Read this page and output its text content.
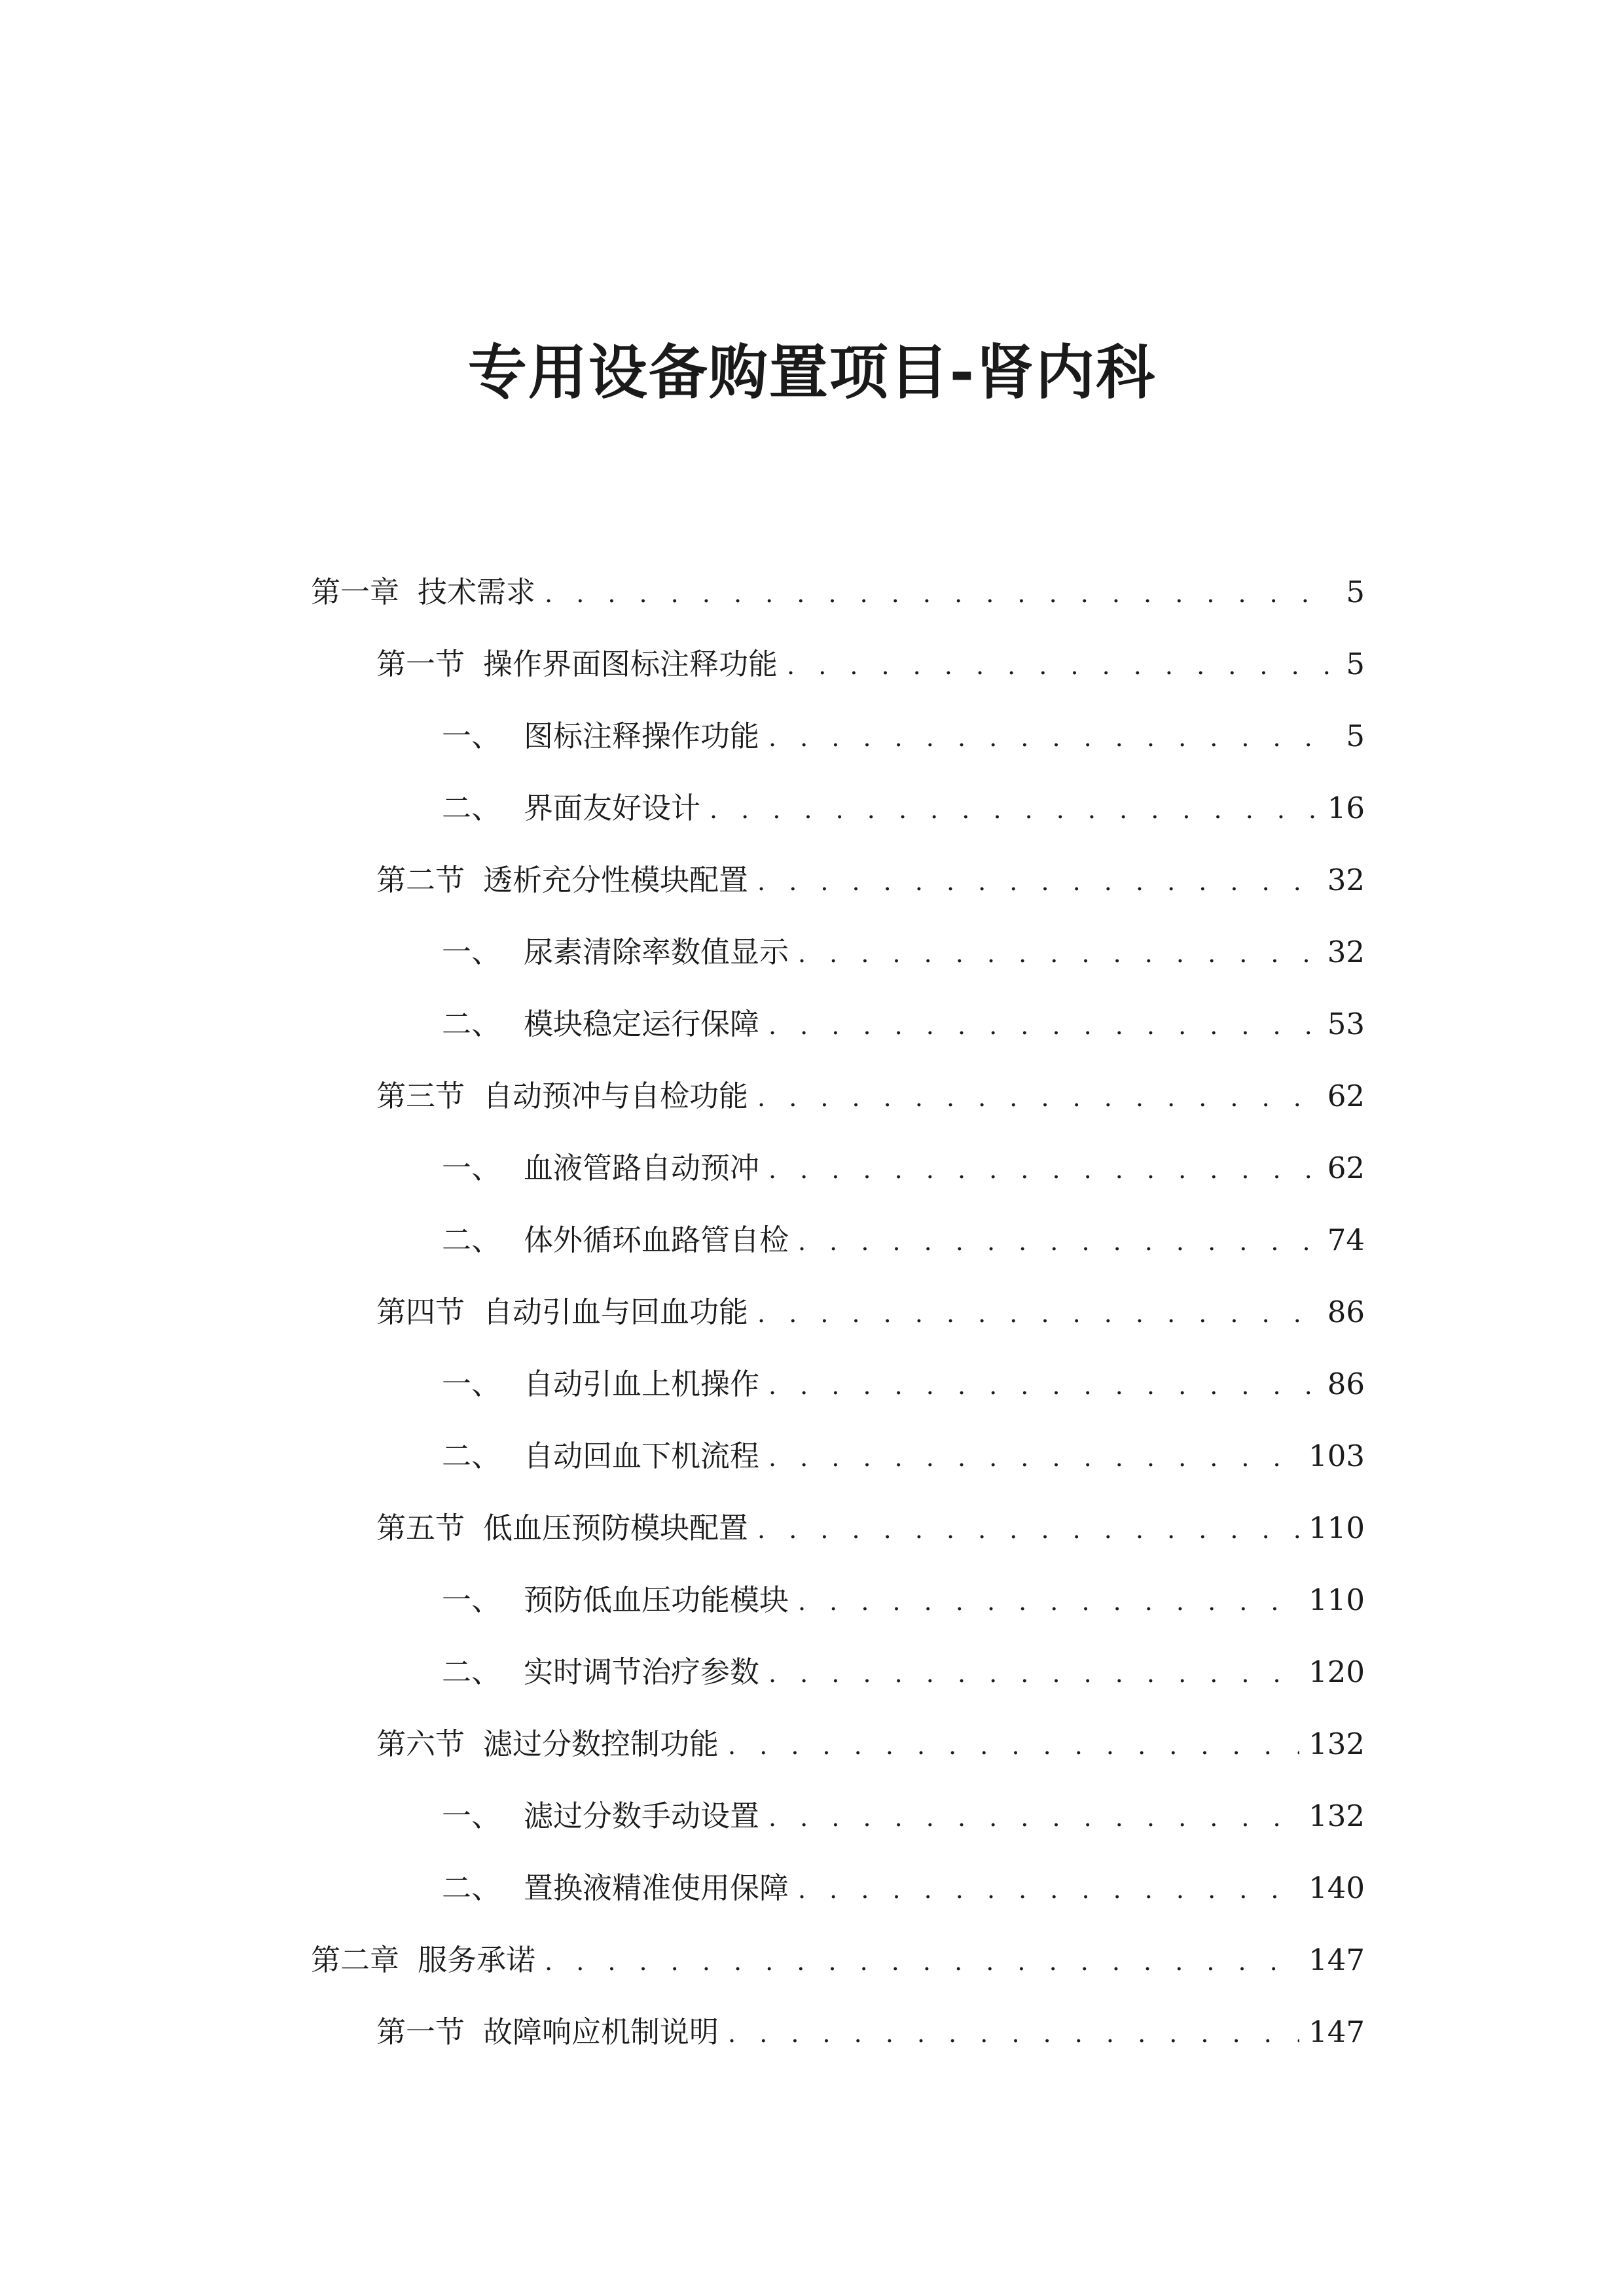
专用设备购置项目-肾内科
第一章 技术需求 . . .	5
第一节 操作界面图标注释功能 . . .	5
一、 图标注释操作功能 . . .	5
二、 界面友好设计 . . .	16
第二节 透析充分性模块配置 . . .	32
一、 尿素清除率数值显示 . . .	32
二、 模块稳定运行保障 . . .	53
第三节 自动预冲与自检功能 . . .	62
一、 血液管路自动预冲 . . .	62
二、 体外循环血路管自检 . . .	74
第四节 自动引血与回血功能 . . .	86
一、 自动引血上机操作 . . .	86
二、 自动回血下机流程 . . .	103
第五节 低血压预防模块配置 . . .	110
一、 预防低血压功能模块 . . .	110
二、 实时调节治疗参数 . . .	120
第六节 滤过分数控制功能 . . .	132
一、 滤过分数手动设置 . . .	132
二、 置换液精准使用保障 . . .	140
第二章 服务承诺 . . .	147
第一节 故障响应机制说明 . . .	147
